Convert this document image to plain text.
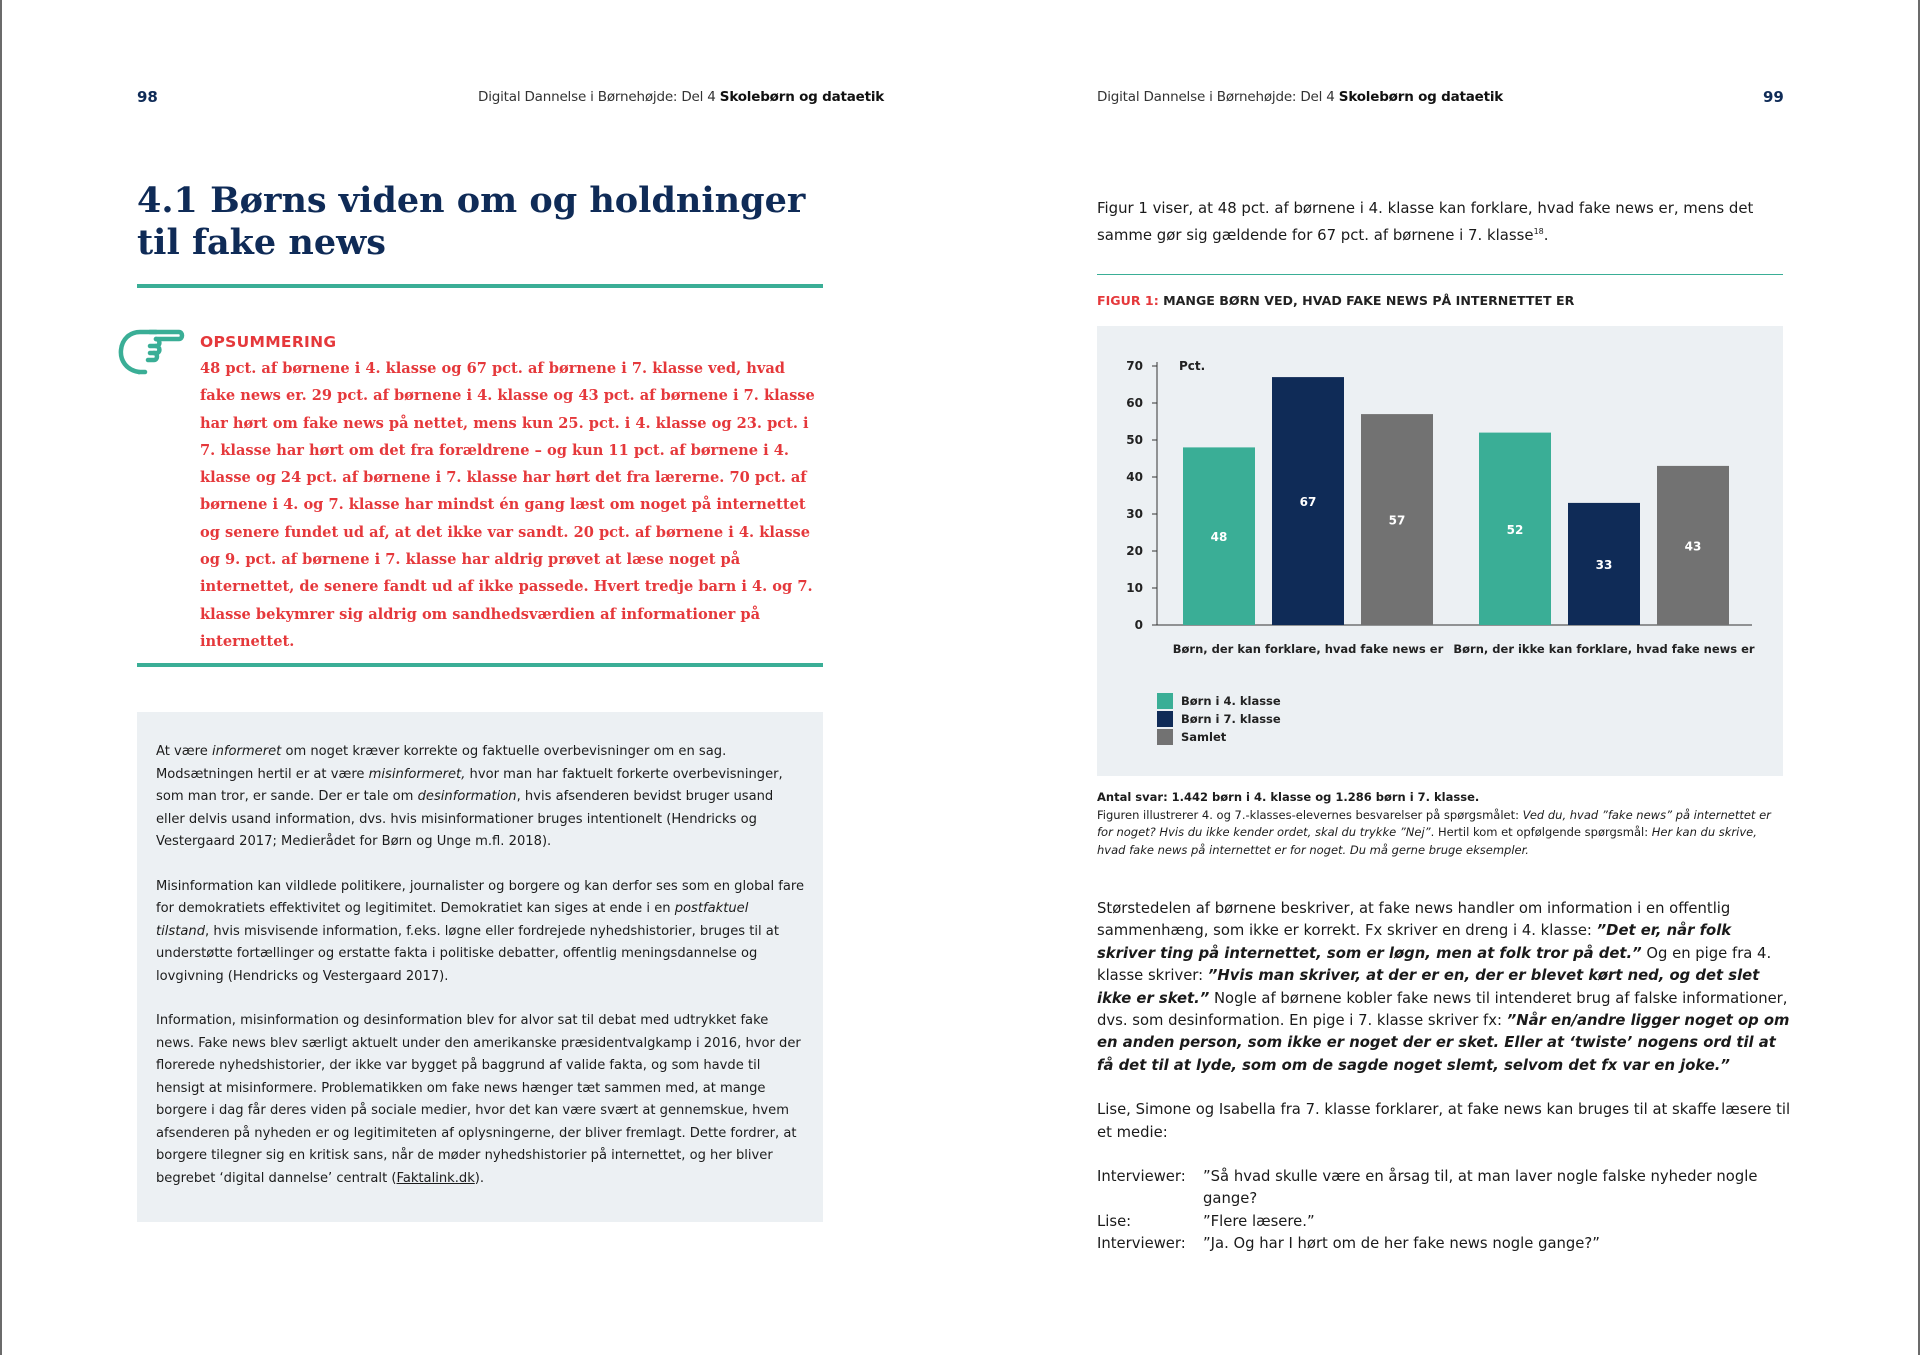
98	Digital Dannelse i Børnehøjde: Del 4 Skolebørn og dataetik
4.1 Børns viden om og holdninger
til fake news
OPSUMMERING

48 pct. af børnene i 4. klasse og 67 pct. af børnene i 7. klasse ved, hvad fake news er. 29 pct. af børnene i 4. klasse og 43 pct. af børnene i 7. klasse har hørt om fake news på nettet, mens kun 25. pct. i 4. klasse og 23. pct. i 7. klasse har hørt om det fra forældrene – og kun 11 pct. af børnene i 4. klasse og 24 pct. af børnene i 7. klasse har hørt det fra lærerne. 70 pct. af børnene i 4. og 7. klasse har mindst én gang læst om noget på internettet og senere fundet ud af, at det ikke var sandt. 20 pct. af børnene i 4. klasse og 9. pct. af børnene i 7. klasse har aldrig prøvet at læse noget på internettet, de senere fandt ud af ikke passede. Hvert tredje barn i 4. og 7. klasse bekymrer sig aldrig om sandhedsværdien af informationer på internettet.

At være informeret om noget kræver korrekte og faktuelle overbevisninger om en sag. Modsætningen hertil er at være misinformeret, hvor man har faktuelt forkerte overbevisninger, som man tror, er sande. Der er tale om desinformation, hvis afsenderen bevidst bruger usand eller delvis usand information, dvs. hvis misinformationer bruges intentionelt (Hendricks og Vestergaard 2017; Medierådet for Børn og Unge m.fl. 2018).

Misinformation kan vildlede politikere, journalister og borgere og kan derfor ses som en global fare for demokratiets effektivitet og legitimitet. Demokratiet kan siges at ende i en postfaktuel tilstand, hvis misvisende information, f.eks. løgne eller fordrejede nyhedshistorier, bruges til at understøtte fortællinger og erstatte fakta i politiske debatter, offentlig meningsdannelse og lovgivning (Hendricks og Vestergaard 2017).

Information, misinformation og desinformation blev for alvor sat til debat med udtrykket fake news. Fake news blev særligt aktuelt under den amerikanske præsidentvalgkamp i 2016, hvor der florerede nyhedshistorier, der ikke var bygget på baggrund af valide fakta, og som havde til hensigt at misinformere. Problematikken om fake news hænger tæt sammen med, at mange borgere i dag får deres viden på sociale medier, hvor det kan være svært at gennemskue, hvem afsenderen på nyheden er og legitimiteten af oplysningerne, der bliver fremlagt. Dette fordrer, at borgere tilegner sig en kritisk sans, når de møder nyhedshistorier på internettet, og her bliver begrebet ‘digital dannelse’ centralt (Faktalink.dk).

Digital Dannelse i Børnehøjde: Del 4 Skolebørn og dataetik	99

Figur 1 viser, at 48 pct. af børnene i 4. klasse kan forklare, hvad fake news er, mens det samme gør sig gældende for 67 pct. af børnene i 7. klasse$^{18}$.

FIGUR 1: MANGE BØRN VED, HVAD FAKE NEWS PÅ INTERNETTET ER

0
10
20
30
40
50
60
70	Pct.
48
67
57
Børn, der kan forklare, hvad fake news er
52
33
43
Børn, der ikke kan forklare, hvad fake news er
Børn i 4. klasse
Børn i 7. klasse
Samlet

Antal svar: 1.442 børn i 4. klasse og 1.286 børn i 7. klasse.
Figuren illustrerer 4. og 7.-klasses-elevernes besvarelser på spørgsmålet: Ved du, hvad ”fake news” på internettet er for noget? Hvis du ikke kender ordet, skal du trykke ”Nej”. Hertil kom et opfølgende spørgsmål: Her kan du skrive, hvad fake news på internettet er for noget. Du må gerne bruge eksempler.

Størstedelen af børnene beskriver, at fake news handler om information i en offentlig sammenhæng, som ikke er korrekt. Fx skriver en dreng i 4. klasse: ”Det er, når folk skriver ting på internettet, som er løgn, men at folk tror på det.” Og en pige fra 4. klasse skriver: ”Hvis man skriver, at der er en, der er blevet kørt ned, og det slet ikke er sket.” Nogle af børnene kobler fake news til intenderet brug af falske informationer, dvs. som desinformation. En pige i 7. klasse skriver fx: ”Når en/andre ligger noget op om en anden person, som ikke er noget der er sket. Eller at ‘twiste’ nogens ord til at få det til at lyde, som om de sagde noget slemt, selvom det fx var en joke.”

Lise, Simone og Isabella fra 7. klasse forklarer, at fake news kan bruges til at skaffe læsere til et medie:

Interviewer:	”Så hvad skulle være en årsag til, at man laver nogle falske nyheder nogle gange?
Lise:	”Flere læsere.”
Interviewer:	”Ja. Og har I hørt om de her fake news nogle gange?”
